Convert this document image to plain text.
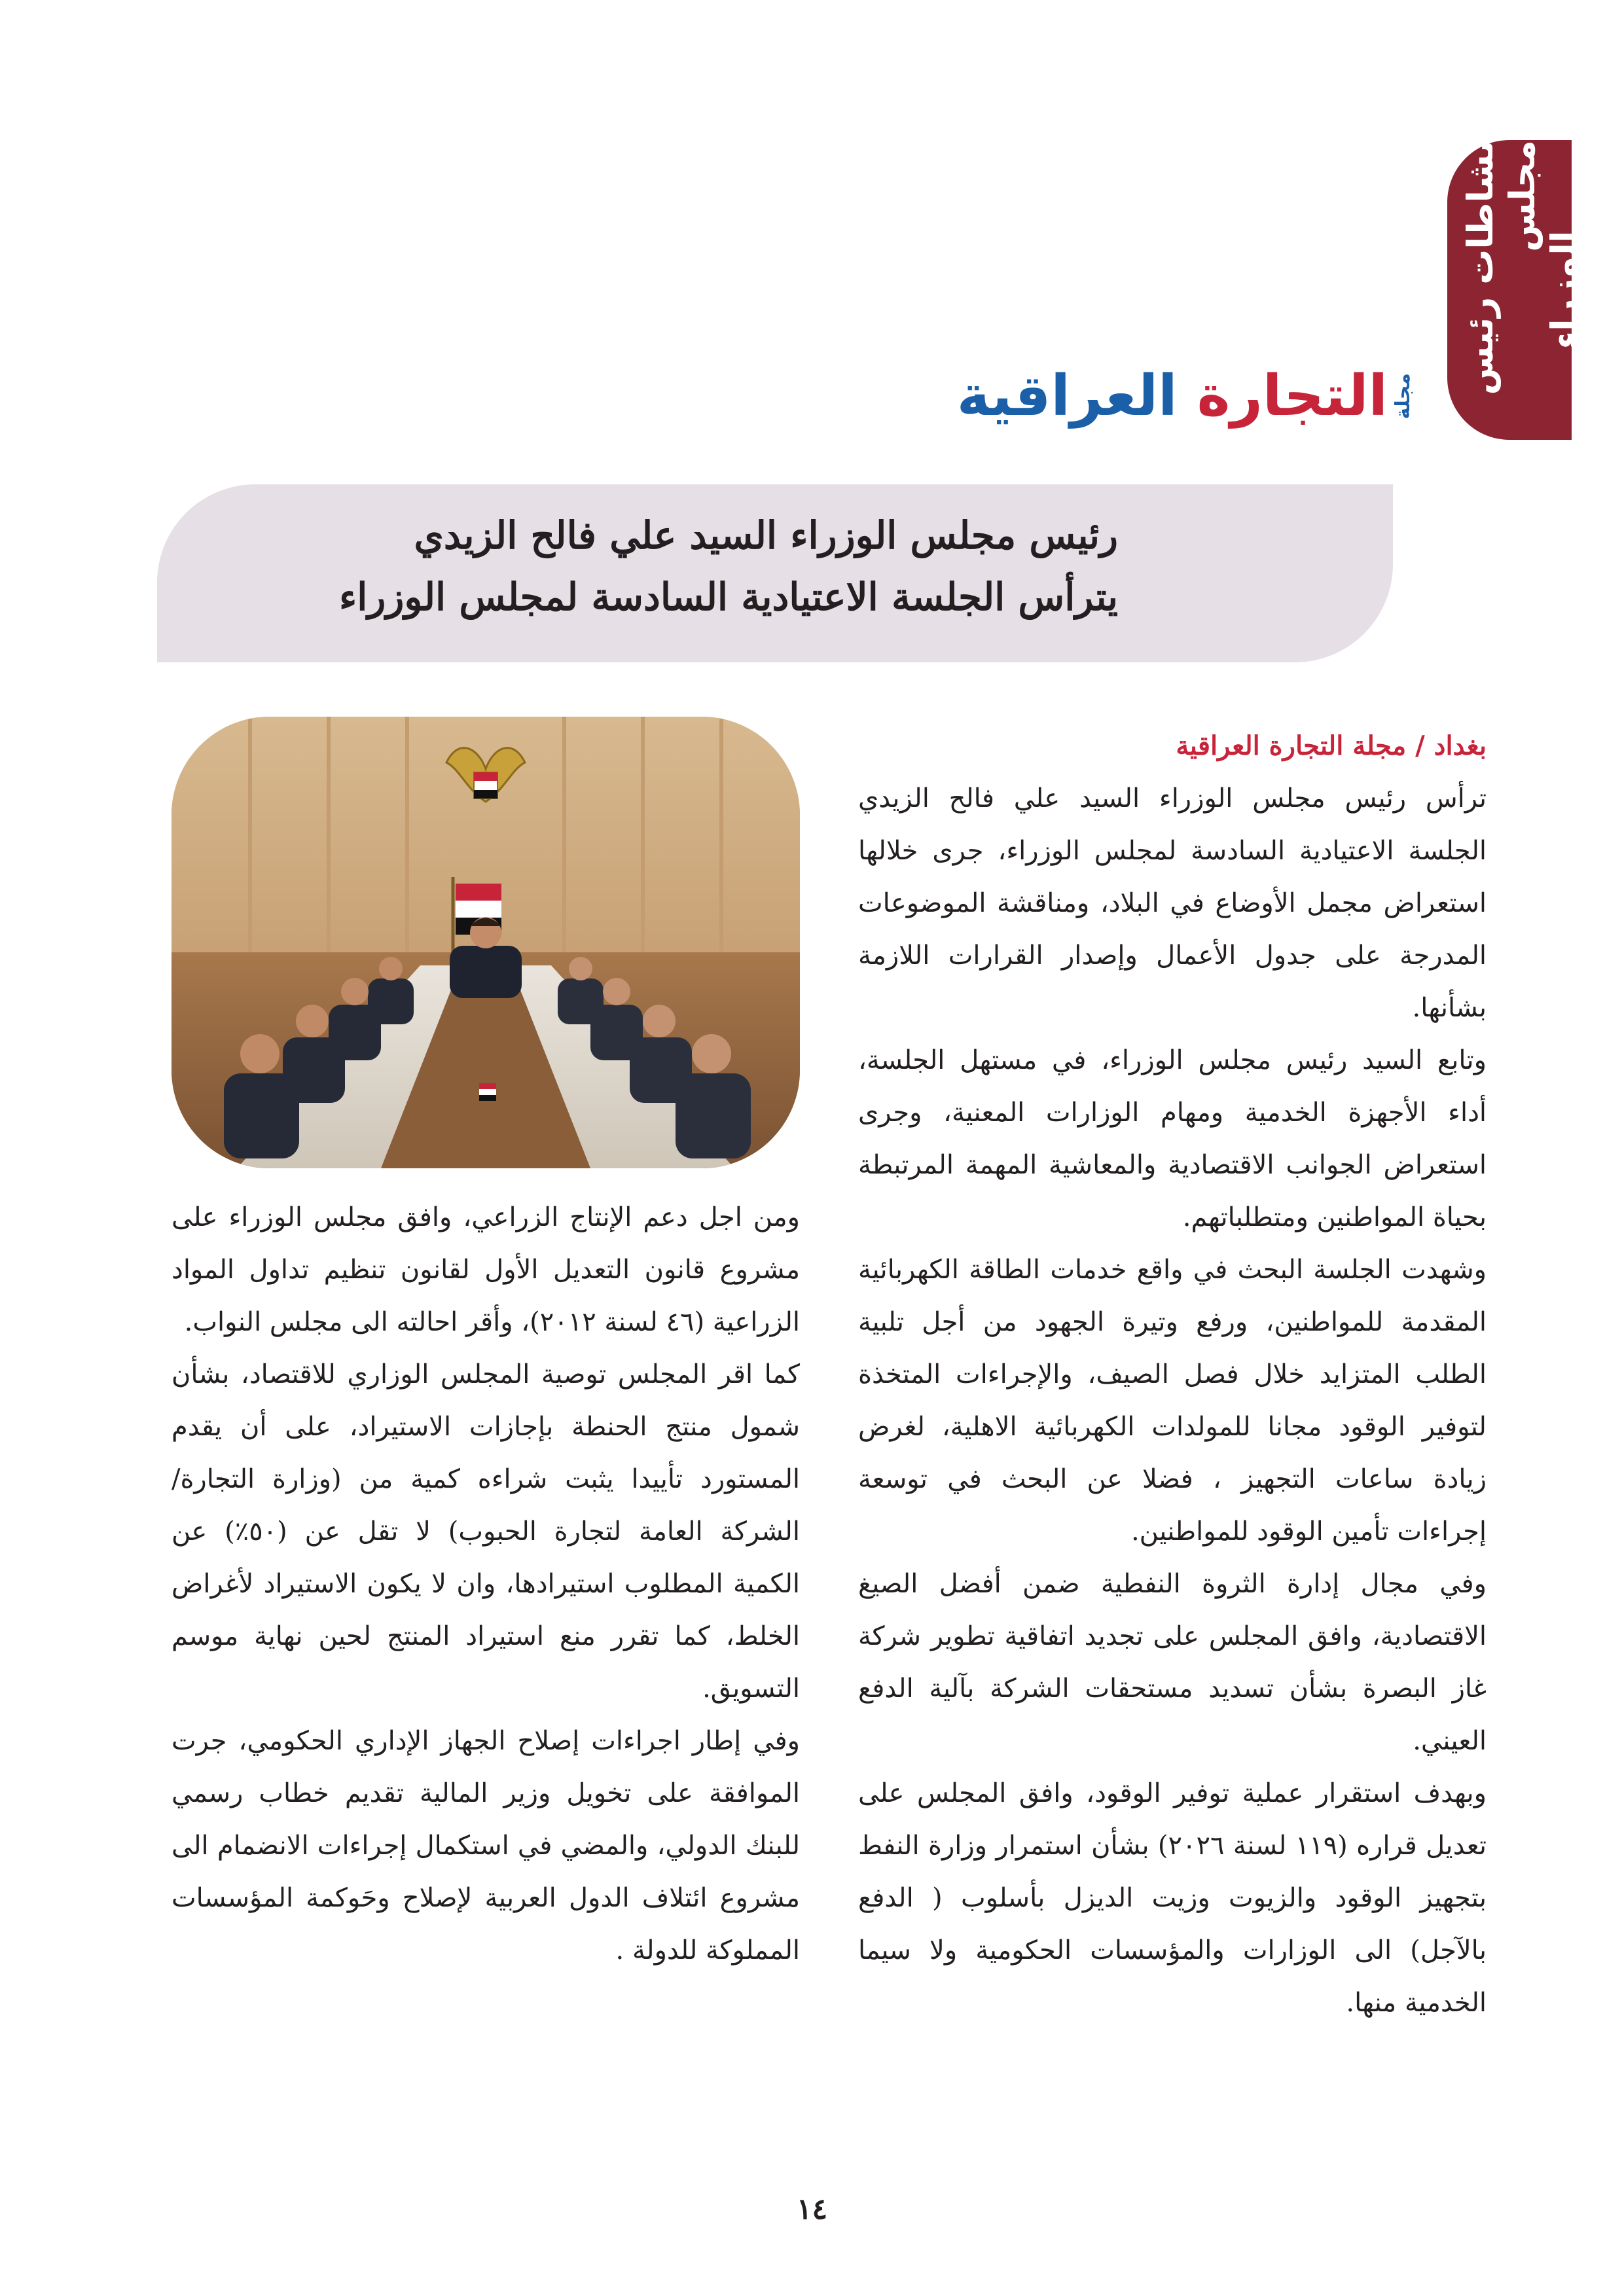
نشاطات رئيس مجلس
الوزراء
مجلة
التجارة العراقية
رئيس مجلس الوزراء السيد علي فالح الزيدي
يترأس الجلسة الاعتيادية السادسة لمجلس الوزراء

بغداد / مجلة التجارة العراقية

ترأس رئيس مجلس الوزراء السيد علي فالح الزيدي الجلسة الاعتيادية السادسة لمجلس الوزراء، جرى خلالها استعراض مجمل الأوضاع في البلاد، ومناقشة الموضوعات المدرجة على جدول الأعمال وإصدار القرارات اللازمة بشأنها.

وتابع السيد رئيس مجلس الوزراء، في مستهل الجلسة، أداء الأجهزة الخدمية ومهام الوزارات المعنية، وجرى استعراض الجوانب الاقتصادية والمعاشية المهمة المرتبطة بحياة المواطنين ومتطلباتهم.

وشهدت الجلسة البحث في واقع خدمات الطاقة الكهربائية المقدمة للمواطنين، ورفع وتيرة الجهود من أجل تلبية الطلب المتزايد خلال فصل الصيف، والإجراءات المتخذة لتوفير الوقود مجانا للمولدات الكهربائية الاهلية، لغرض زيادة ساعات التجهيز ، فضلا عن البحث في توسعة إجراءات تأمين الوقود للمواطنين.

وفي مجال إدارة الثروة النفطية ضمن أفضل الصيغ الاقتصادية، وافق المجلس على تجديد اتفاقية تطوير شركة غاز البصرة بشأن تسديد مستحقات الشركة بآلية الدفع العيني.

وبهدف استقرار عملية توفير الوقود، وافق المجلس على تعديل قراره (١١٩ لسنة ٢٠٢٦) بشأن استمرار وزارة النفط بتجهيز الوقود والزيوت وزيت الديزل بأسلوب ( الدفع بالآجل) الى الوزارات والمؤسسات الحكومية ولا سيما الخدمية منها.

ومن اجل دعم الإنتاج الزراعي، وافق مجلس الوزراء على مشروع قانون التعديل الأول لقانون تنظيم تداول المواد الزراعية (٤٦ لسنة ٢٠١٢)، وأقر احالته الى مجلس النواب.

كما اقر المجلس توصية المجلس الوزاري للاقتصاد، بشأن شمول منتج الحنطة بإجازات الاستيراد، على أن يقدم المستورد تأييدا يثبت شراءه كمية من (وزارة التجارة/ الشركة العامة لتجارة الحبوب) لا تقل عن (٥٠٪) عن الكمية المطلوب استيرادها، وان لا يكون الاستيراد لأغراض الخلط، كما تقرر منع استيراد المنتج لحين نهاية موسم التسويق.

وفي إطار اجراءات إصلاح الجهاز الإداري الحكومي، جرت الموافقة على تخويل وزير المالية تقديم خطاب رسمي للبنك الدولي، والمضي في استكمال إجراءات الانضمام الى مشروع ائتلاف الدول العربية لإصلاح وحَوكمة المؤسسات المملوكة للدولة .

١٤
